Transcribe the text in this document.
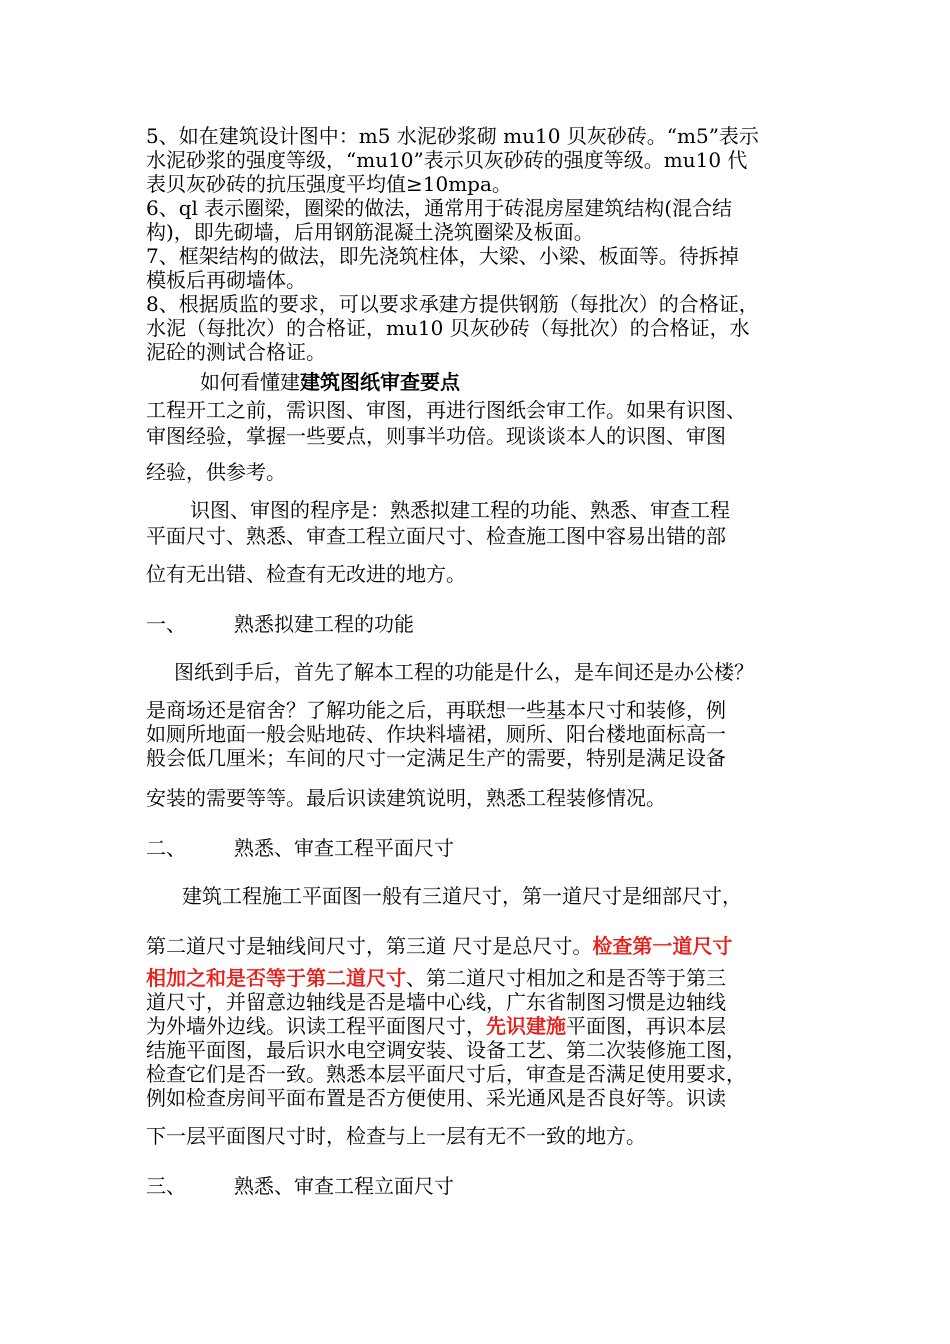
5、如在建筑设计图中：m5 水泥砂浆砌 mu10 贝灰砂砖。“m5”表示
水泥砂浆的强度等级，“mu10”表示贝灰砂砖的强度等级。mu10 代
表贝灰砂砖的抗压强度平均值≥10mpa。
6、ql 表示圈梁，圈梁的做法，通常用于砖混房屋建筑结构(混合结
构)，即先砌墙，后用钢筋混凝土浇筑圈梁及板面。
7、框架结构的做法，即先浇筑柱体，大梁、小梁、板面等。待拆掉
模板后再砌墙体。
8、根据质监的要求，可以要求承建方提供钢筋（每批次）的合格证，
水泥（每批次）的合格证，mu10 贝灰砂砖（每批次）的合格证，水
泥砼的测试合格证。
如何看懂建建筑图纸审查要点
工程开工之前，需识图、审图，再进行图纸会审工作。如果有识图、
审图经验，掌握一些要点，则事半功倍。现谈谈本人的识图、审图
经验，供参考。
识图、审图的程序是：熟悉拟建工程的功能、熟悉、审查工程
平面尺寸、熟悉、审查工程立面尺寸、检查施工图中容易出错的部
位有无出错、检查有无改进的地方。
一、 熟悉拟建工程的功能
图纸到手后，首先了解本工程的功能是什么，是车间还是办公楼？
是商场还是宿舍？了解功能之后，再联想一些基本尺寸和装修，例
如厕所地面一般会贴地砖、作块料墙裙，厕所、阳台楼地面标高一
般会低几厘米；车间的尺寸一定满足生产的需要，特别是满足设备
安装的需要等等。最后识读建筑说明，熟悉工程装修情况。
二、 熟悉、审查工程平面尺寸
建筑工程施工平面图一般有三道尺寸，第一道尺寸是细部尺寸，
第二道尺寸是轴线间尺寸，第三道 尺寸是总尺寸。检查第一道尺寸
相加之和是否等于第二道尺寸、第二道尺寸相加之和是否等于第三
道尺寸，并留意边轴线是否是墙中心线，广东省制图习惯是边轴线
为外墙外边线。识读工程平面图尺寸，先识建施平面图，再识本层
结施平面图，最后识水电空调安装、设备工艺、第二次装修施工图，
检查它们是否一致。熟悉本层平面尺寸后，审查是否满足使用要求，
例如检查房间平面布置是否方便使用、采光通风是否良好等。识读
下一层平面图尺寸时，检查与上一层有无不一致的地方。
三、 熟悉、审查工程立面尺寸
